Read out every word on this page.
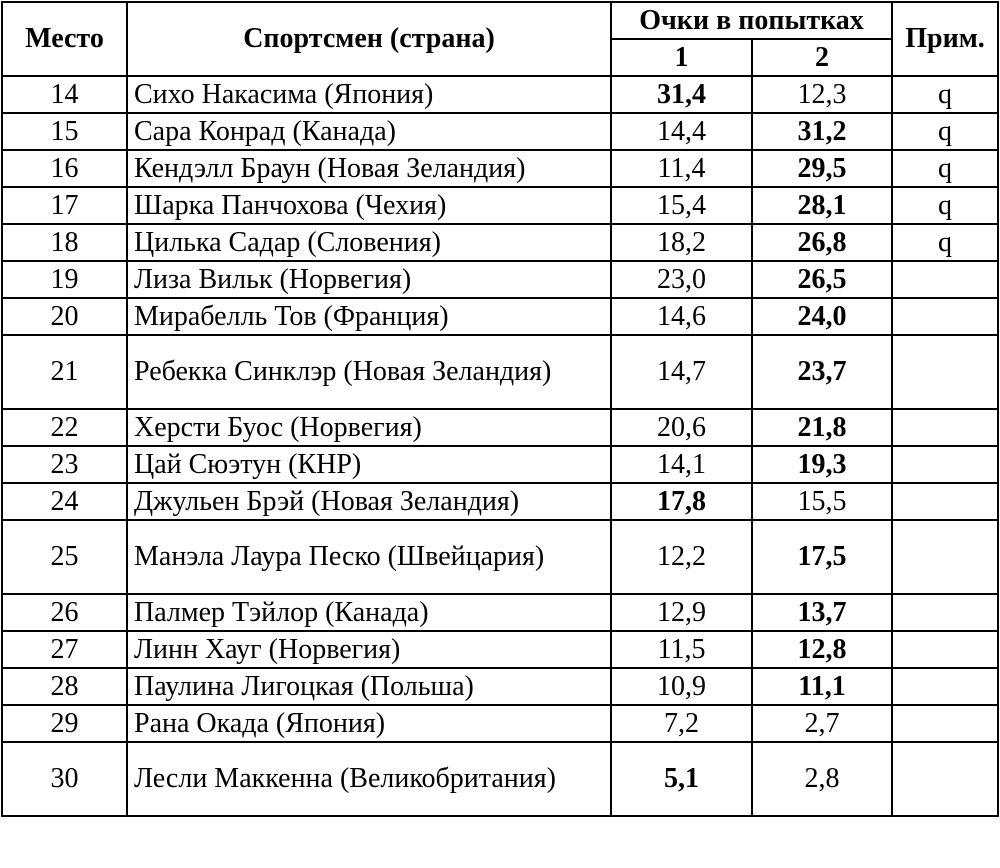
Место	Спортсмен (страна)	Очки в попытках		Прим.
		1	2	
14	Сихо Накасима (Япония)	31,4	12,3	q
15	Сара Конрад (Канада)	14,4	31,2	q
16	Кендэлл Браун (Новая Зеландия)	11,4	29,5	q
17	Шарка Панчохова (Чехия)	15,4	28,1	q
18	Цилька Садар (Словения)	18,2	26,8	q
19	Лиза Вильк (Норвегия)	23,0	26,5	
20	Мирабелль Тов (Франция)	14,6	24,0	
21	Ребекка Синклэр (Новая Зеландия)	14,7	23,7	
22	Херсти Буос (Норвегия)	20,6	21,8	
23	Цай Сюэтун (КНР)	14,1	19,3	
24	Джульен Брэй (Новая Зеландия)	17,8	15,5	
25	Манэла Лаура Песко (Швейцария)	12,2	17,5	
26	Палмер Тэйлор (Канада)	12,9	13,7	
27	Линн Хауг (Норвегия)	11,5	12,8	
28	Паулина Лигоцкая (Польша)	10,9	11,1	
29	Рана Окада (Япония)	7,2	2,7	
30	Лесли Маккенна (Великобритания)	5,1	2,8	
